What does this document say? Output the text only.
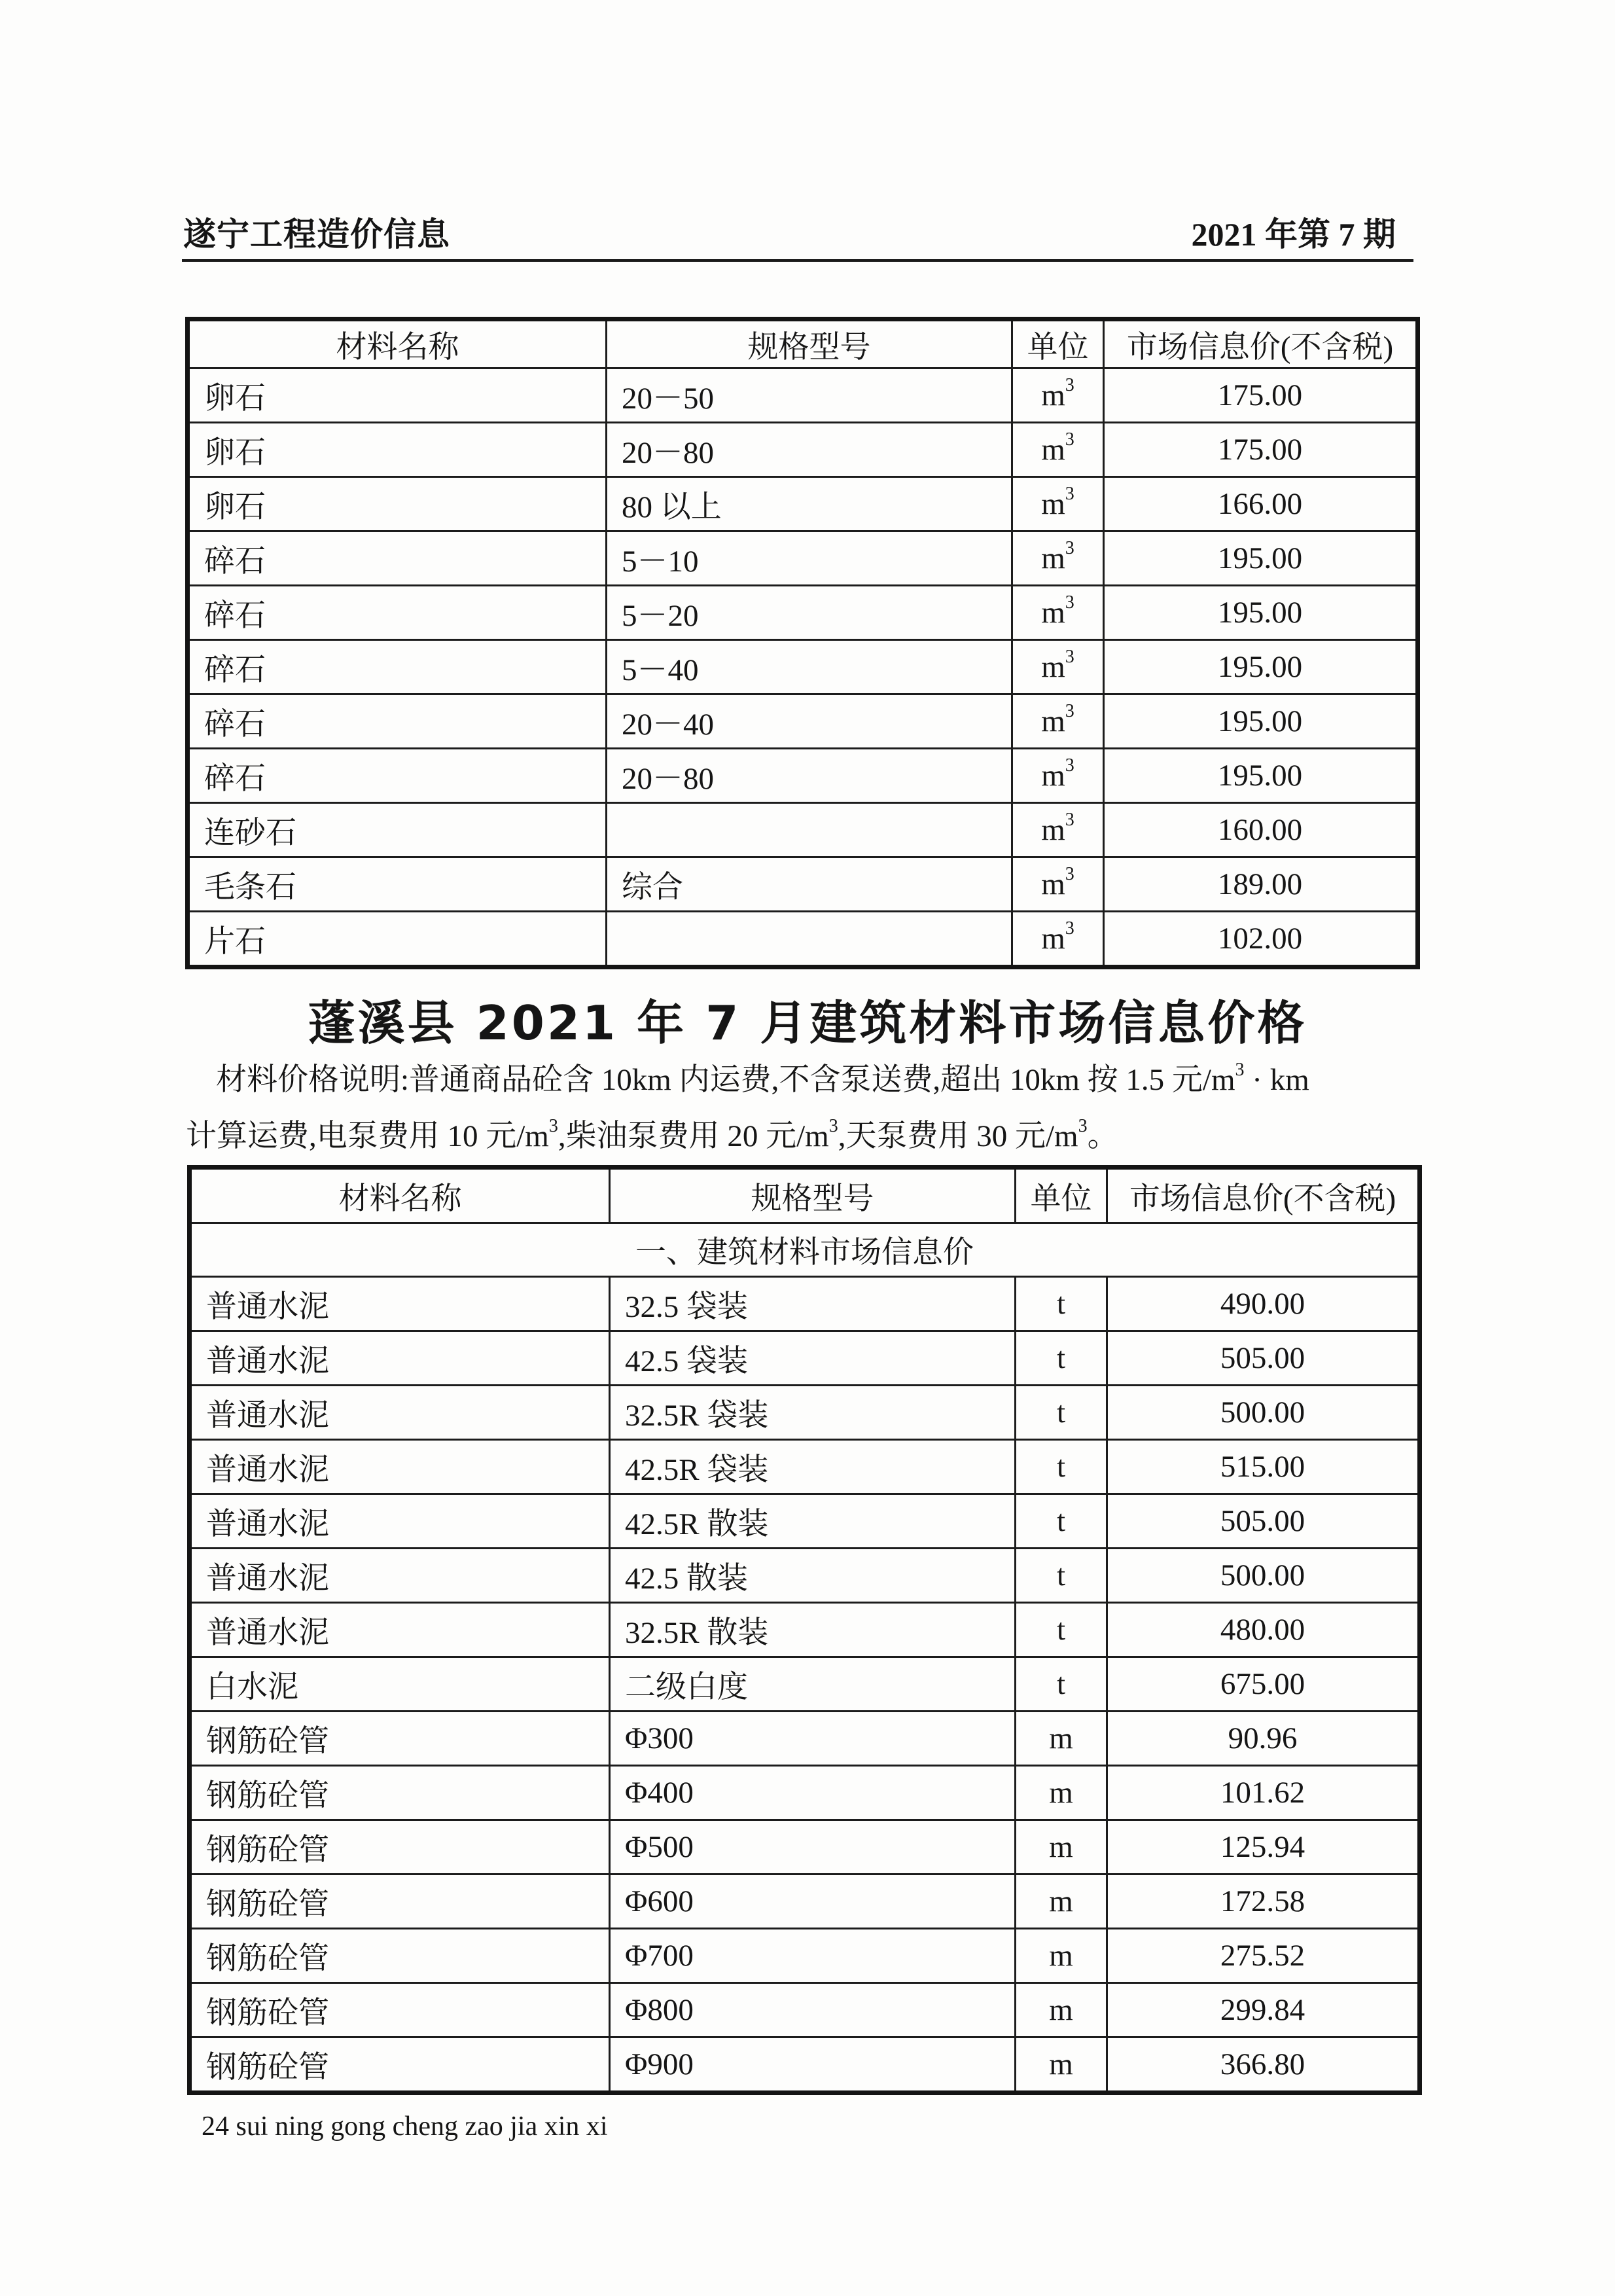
遂宁工程造价信息	2021 年第 7 期
材料名称	规格型号	单位	市场信息价(不含税)
卵石	20－50	$m^3$	175.00
卵石	20－80	$m^3$	175.00
卵石	80 以上	$m^3$	166.00
碎石	5－10	$m^3$	195.00
碎石	5－20	$m^3$	195.00
碎石	5－40	$m^3$	195.00
碎石	20－40	$m^3$	195.00
碎石	20－80	$m^3$	195.00
连砂石		$m^3$	160.00
毛条石	综合	$m^3$	189.00
片石		$m^3$	102.00
蓬溪县 2021 年 7 月建筑材料市场信息价格
材料价格说明:普通商品砼含 10km 内运费,不含泵送费,超出 10km 按 1.5 元$/m^3$ · km
计算运费,电泵费用 10 元$/m^3$,柴油泵费用 20 元$/m^3$,天泵费用 30 元$/m^3$。
材料名称	规格型号	单位	市场信息价(不含税)
一、建筑材料市场信息价			
普通水泥	32.5 袋装	t	490.00
普通水泥	42.5 袋装	t	505.00
普通水泥	32.5R 袋装	t	500.00
普通水泥	42.5R 袋装	t	515.00
普通水泥	42.5R 散装	t	505.00
普通水泥	42.5 散装	t	500.00
普通水泥	32.5R 散装	t	480.00
白水泥	二级白度	t	675.00
钢筋砼管	Φ300	m	90.96
钢筋砼管	Φ400	m	101.62
钢筋砼管	Φ500	m	125.94
钢筋砼管	Φ600	m	172.58
钢筋砼管	Φ700	m	275.52
钢筋砼管	Φ800	m	299.84
钢筋砼管	Φ900	m	366.80
24 sui ning gong cheng zao jia xin xi
